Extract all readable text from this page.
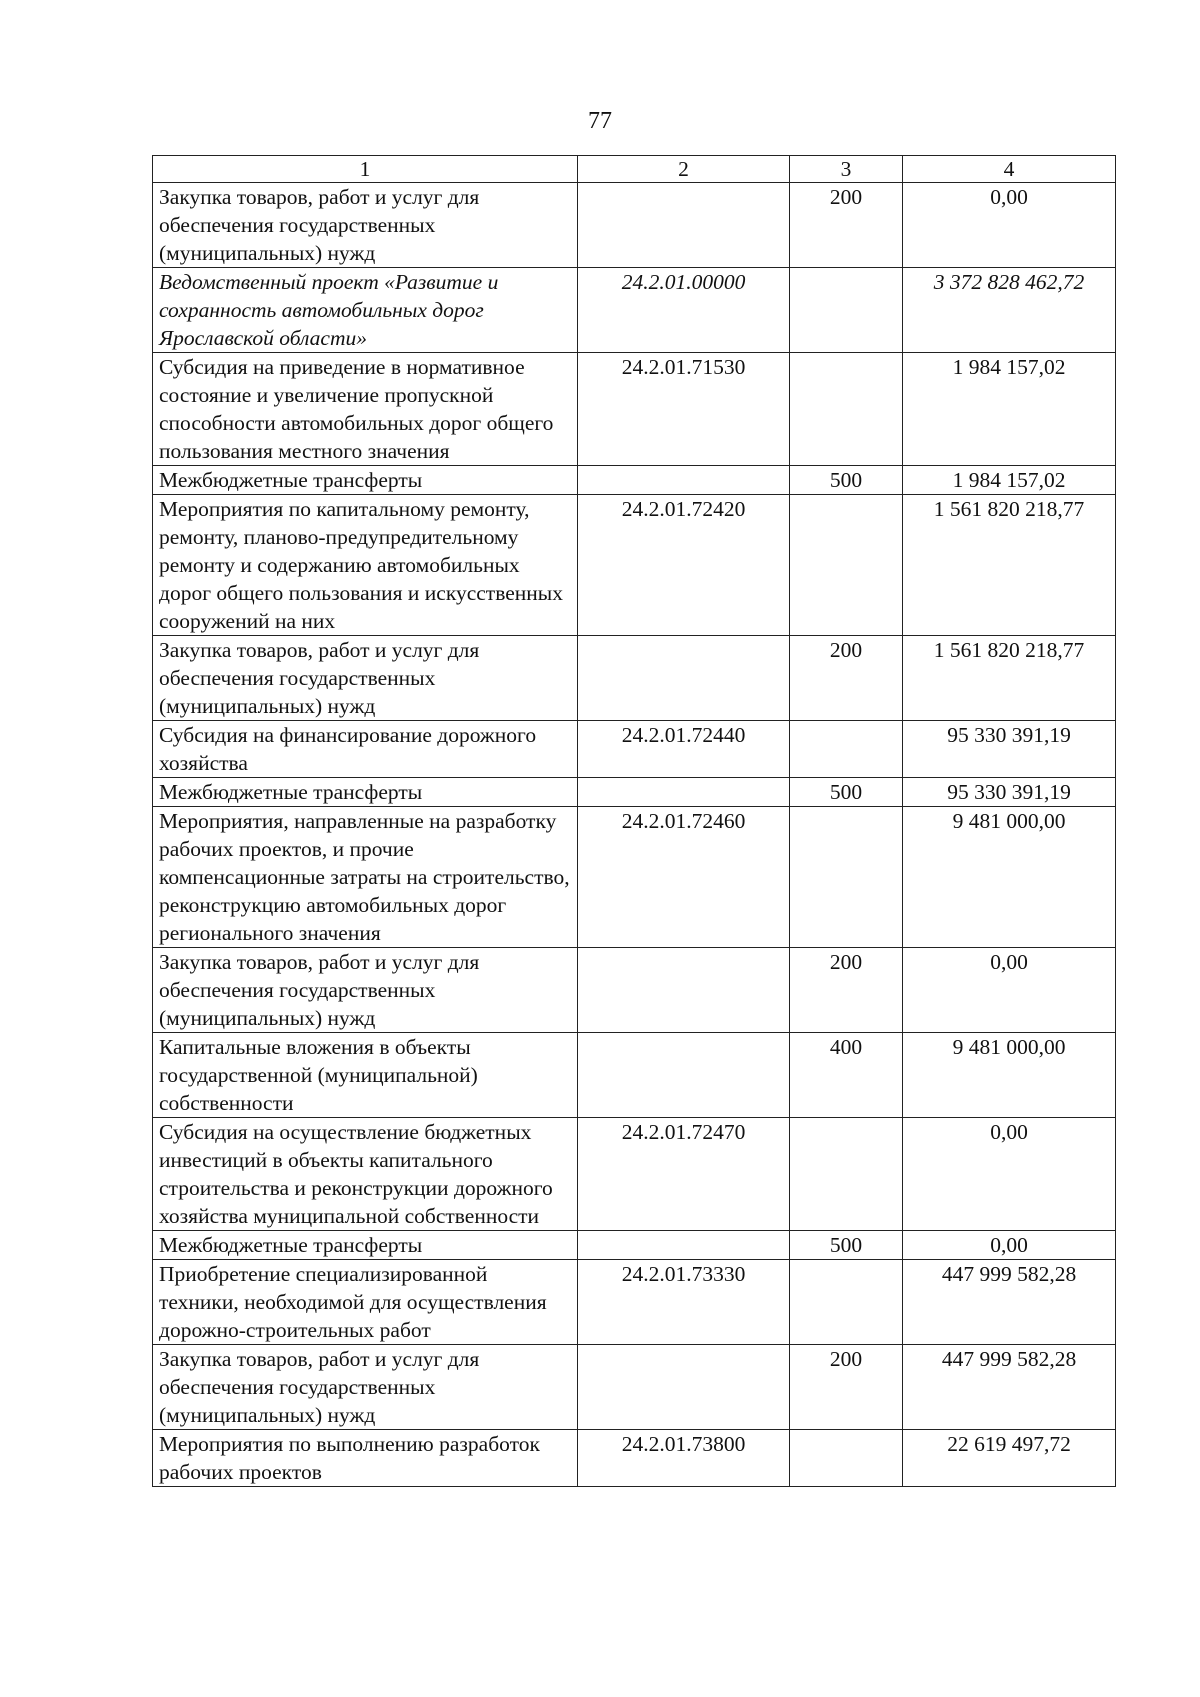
77
1	2	3	4
Закупка товаров, работ и услуг для обеспечения государственных (муниципальных) нужд		200	0,00
Ведомственный проект «Развитие и сохранность автомобильных дорог Ярославской области»	24.2.01.00000		3 372 828 462,72
Субсидия на приведение в нормативное состояние и увеличение пропускной способности автомобильных дорог общего пользования местного значения	24.2.01.71530		1 984 157,02
Межбюджетные трансферты		500	1 984 157,02
Мероприятия по капитальному ремонту, ремонту, планово-предупредительному ремонту и содержанию автомобильных дорог общего пользования и искусственных сооружений на них	24.2.01.72420		1 561 820 218,77
Закупка товаров, работ и услуг для обеспечения государственных (муниципальных) нужд		200	1 561 820 218,77
Субсидия на финансирование дорожного хозяйства	24.2.01.72440		95 330 391,19
Межбюджетные трансферты		500	95 330 391,19
Мероприятия, направленные на разработку рабочих проектов, и прочие компенсационные затраты на строительство, реконструкцию автомобильных дорог регионального значения	24.2.01.72460		9 481 000,00
Закупка товаров, работ и услуг для обеспечения государственных (муниципальных) нужд		200	0,00
Капитальные вложения в объекты государственной (муниципальной) собственности		400	9 481 000,00
Субсидия на осуществление бюджетных инвестиций в объекты капитального строительства и реконструкции дорожного хозяйства муниципальной собственности	24.2.01.72470		0,00
Межбюджетные трансферты		500	0,00
Приобретение специализированной техники, необходимой для осуществления дорожно-строительных работ	24.2.01.73330		447 999 582,28
Закупка товаров, работ и услуг для обеспечения государственных (муниципальных) нужд		200	447 999 582,28
Мероприятия по выполнению разработок рабочих проектов	24.2.01.73800		22 619 497,72
